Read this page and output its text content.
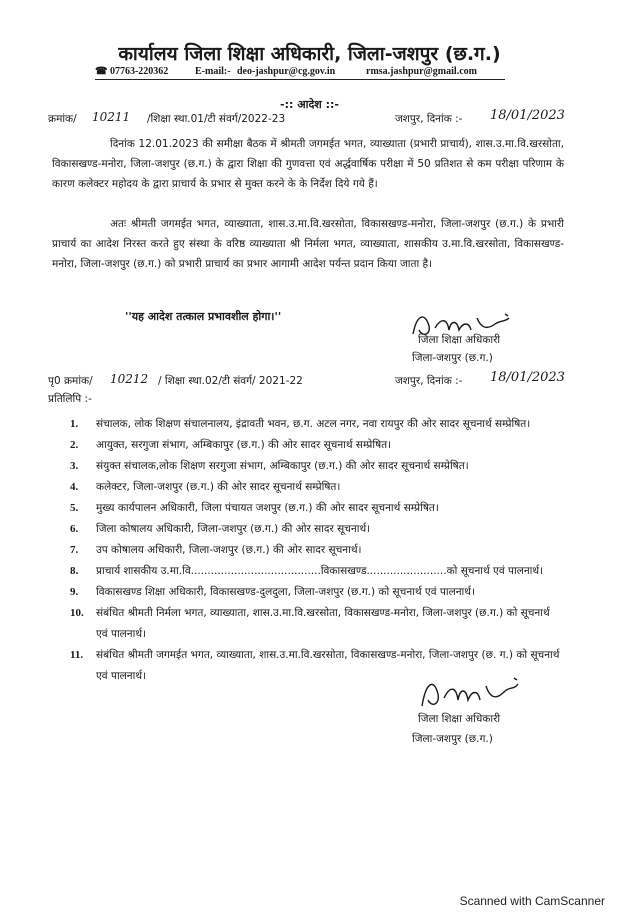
कार्यालय जिला शिक्षा अधिकारी, जिला-जशपुर (छ.ग.)
☎ 07763-220362	E-mail:- deo-jashpur@cg.gov.in	rmsa.jashpur@gmail.com
-:: आदेश ::-
क्रमांक/ 10211 /शिक्षा स्था.01/टी संवर्ग/2022-23	जशपुर, दिनांक :- 18/01/2023
दिनांक 12.01.2023 की समीक्षा बैठक में श्रीमती जगमईत भगत, व्याख्याता (प्रभारी प्राचार्य), शास.उ.मा.वि.खरसोता, विकासखण्ड-मनोरा, जिला-जशपुर (छ.ग.) के द्वारा शिक्षा की गुणवत्ता एवं अर्द्धवार्षिक परीक्षा में 50 प्रतिशत से कम परीक्षा परिणाम के कारण कलेक्टर महोदय के द्वारा प्राचार्य के प्रभार से मुक्त करने के के निर्देश दिये गये हैं।
अतः श्रीमती जगमईत भगत, व्याख्याता, शास.उ.मा.वि.खरसोता, विकासखण्ड-मनोरा, जिला-जशपुर (छ.ग.) के प्रभारी प्राचार्य का आदेश निरस्त करते हुए संस्था के वरिष्ठ व्याख्याता श्री निर्मला भगत, व्याख्याता, शासकीय उ.मा.वि.खरसोता, विकासखण्ड-मनोरा, जिला-जशपुर (छ.ग.) को प्रभारी प्राचार्य का प्रभार आगामी आदेश पर्यन्त प्रदान किया जाता है।
''यह आदेश तत्काल प्रभावशील होगा।''
जिला शिक्षा अधिकारी
जिला-जशपुर (छ.ग.)
पृ0 क्रमांक/ 10212 / शिक्षा स्था.02/टी संवर्ग/ 2021-22	जशपुर, दिनांक :- 18/01/2023
प्रतिलिपि :-
1. संचालक, लोक शिक्षण संचालनालय, इंद्रावती भवन, छ.ग. अटल नगर, नवा रायपुर की ओर सादर सूचनार्थ सम्प्रेषित।
2. आयुक्त, सरगुजा संभाग, अम्बिकापुर (छ.ग.) की ओर सादर सूचनार्थ सम्प्रेषित।
3. संयुक्त संचालक,लोक शिक्षण सरगुजा संभाग, अम्बिकापुर (छ.ग.) की ओर सादर सूचनार्थ सम्प्रेषित।
4. कलेक्टर, जिला-जशपुर (छ.ग.) की ओर सादर सूचनार्थ सम्प्रेषित।
5. मुख्य कार्यपालन अधिकारी, जिला पंचायत जशपुर (छ.ग.) की ओर सादर सूचनार्थ सम्प्रेषित।
6. जिला कोषालय अधिकारी, जिला-जशपुर (छ.ग.) की ओर सादर सूचनार्थ।
7. उप कोषालय अधिकारी, जिला-जशपुर (छ.ग.) की ओर सादर सूचनार्थ।
8. प्राचार्य शासकीय उ.मा.वि.......................................विकासखण्ड........................को सूचनार्थ एवं पालनार्थ।
9. विकासखण्ड शिक्षा अधिकारी, विकासखण्ड-दुलदुला, जिला-जशपुर (छ.ग.) को सूचनार्थ एवं पालनार्थ।
10. संबंधित श्रीमती निर्मला भगत, व्याख्याता, शास.उ.मा.वि.खरसोता, विकासखण्ड-मनोरा, जिला-जशपुर (छ.ग.) को सूचनार्थ एवं पालनार्थ।
11. संबंधित श्रीमती जगमईत भगत, व्याख्याता, शास.उ.मा.वि.खरसोता, विकासखण्ड-मनोरा, जिला-जशपुर (छ. ग.) को सूचनार्थ एवं पालनार्थ।
जिला शिक्षा अधिकारी
जिला-जशपुर (छ.ग.)
Scanned with CamScanner
